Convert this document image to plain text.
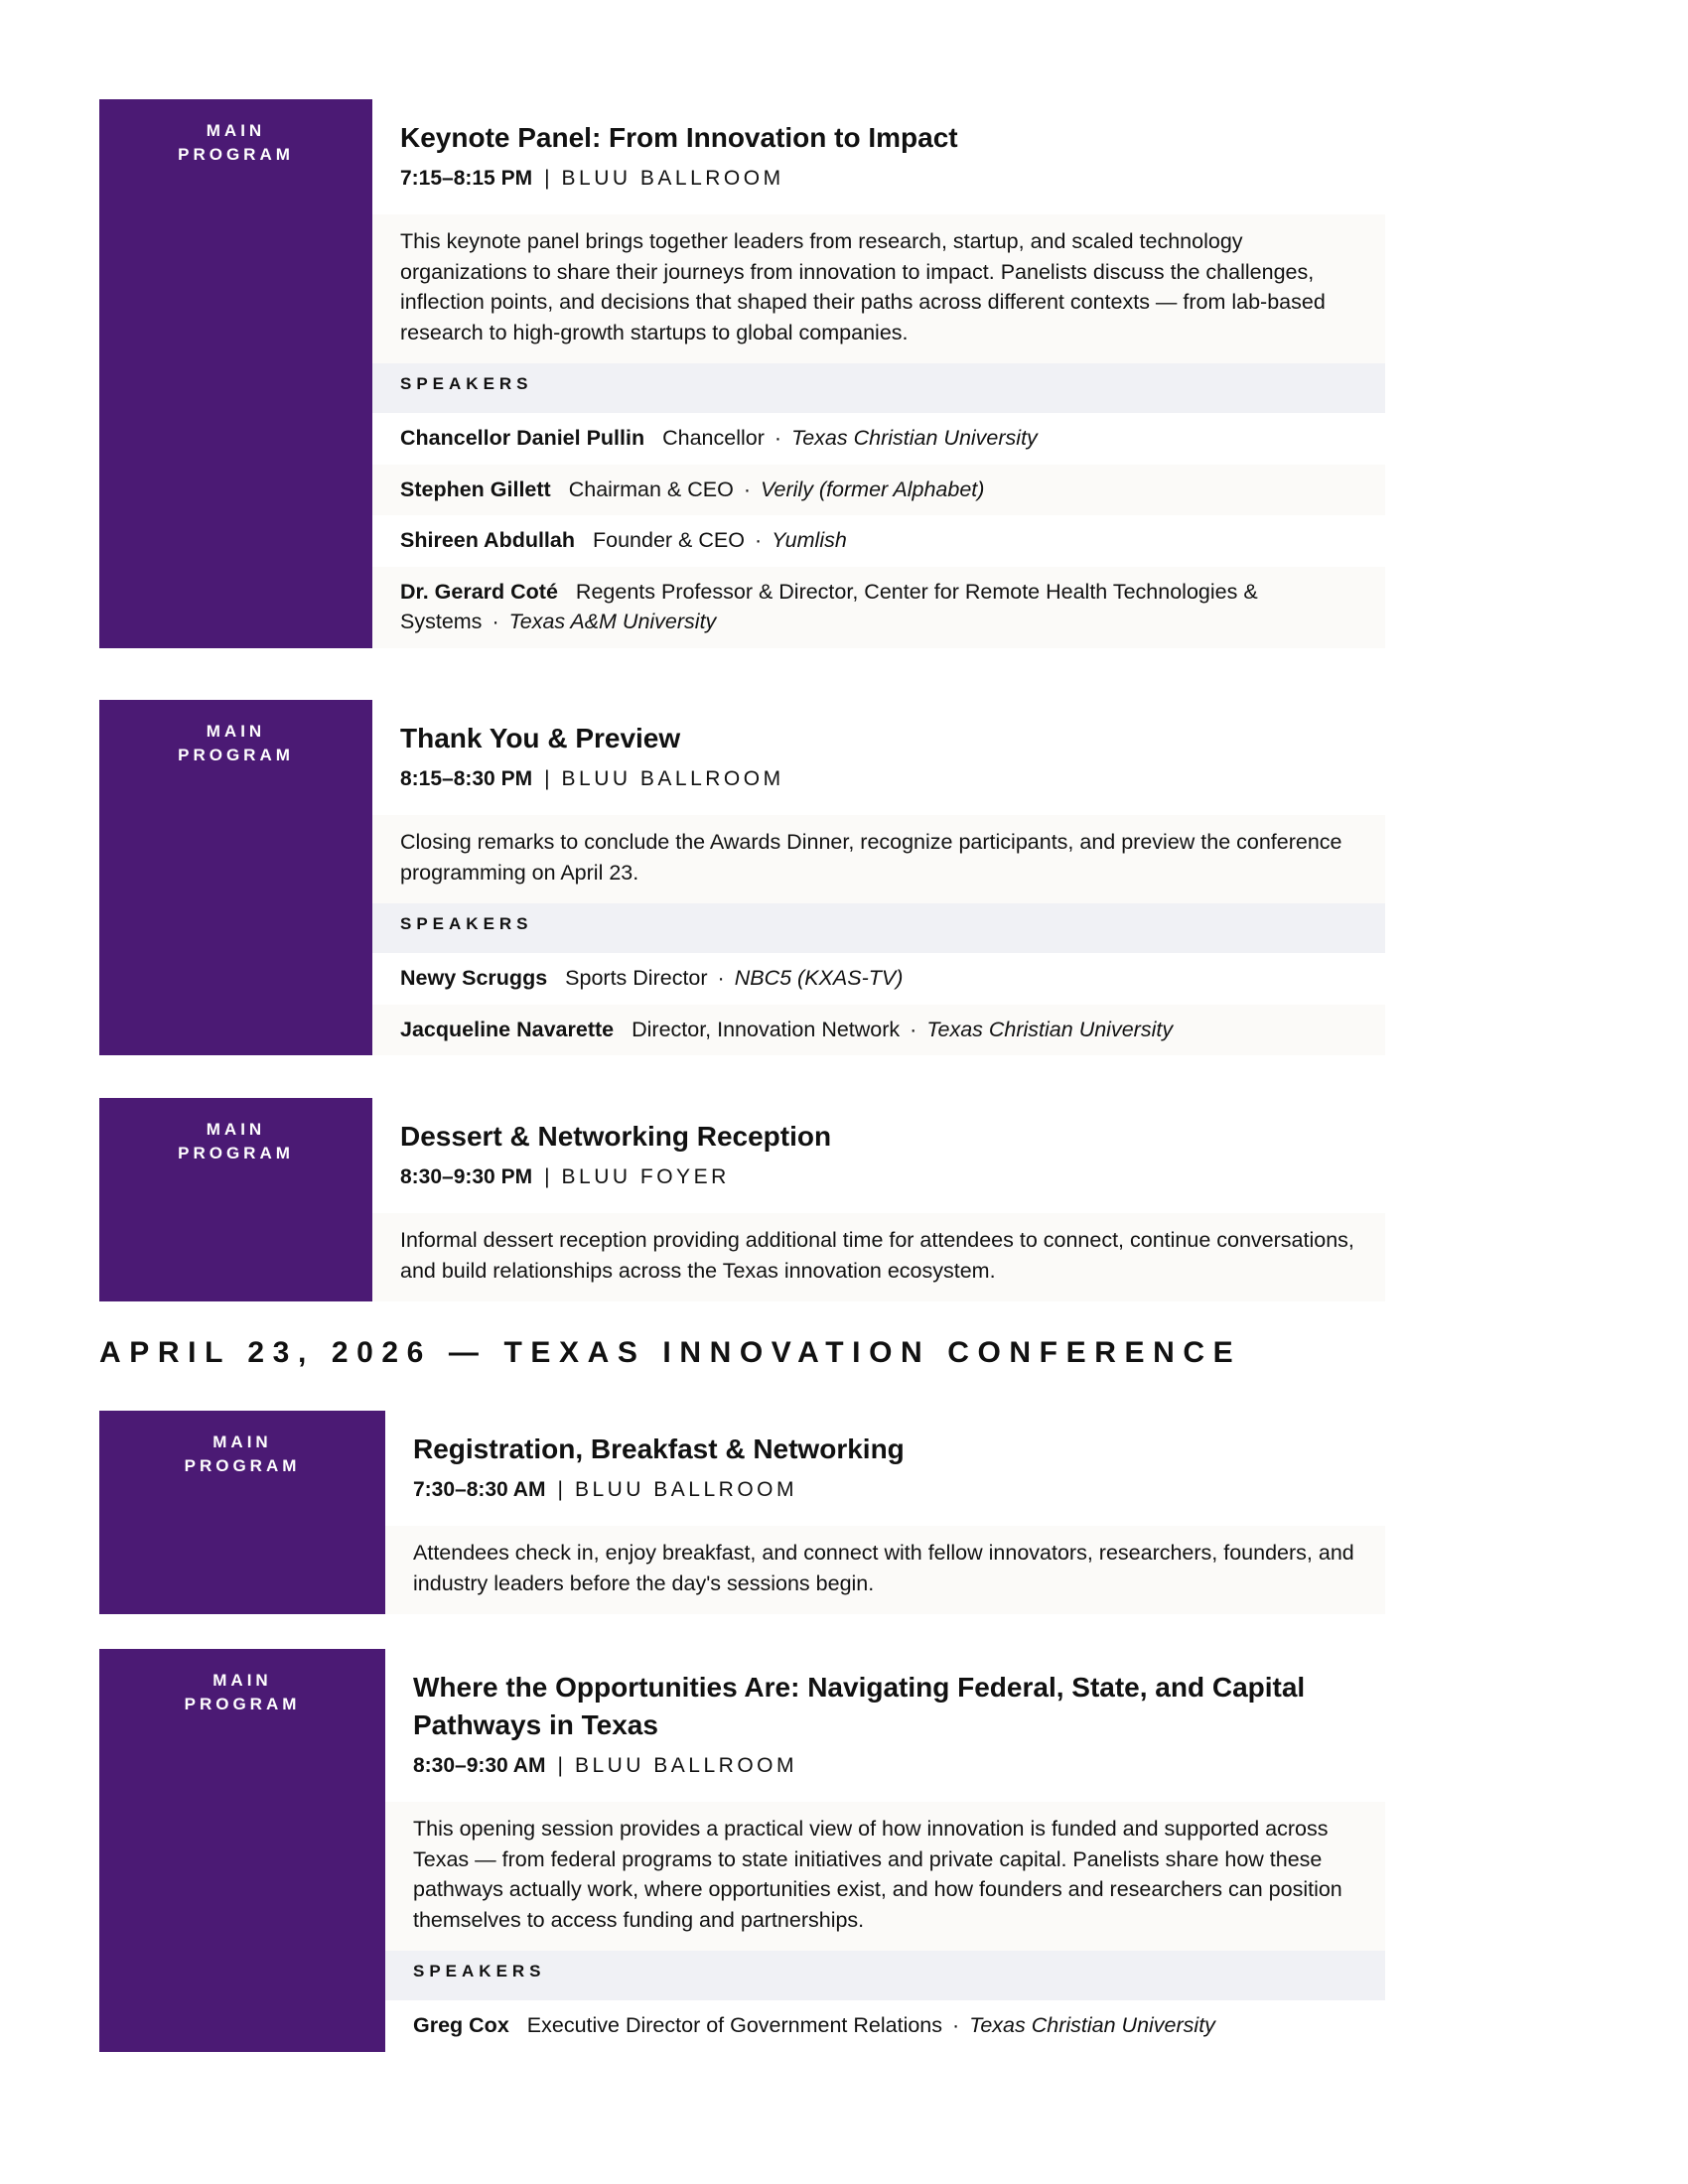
MAIN
PROGRAM
Keynote Panel: From Innovation to Impact
7:15–8:15 PM | BLUU BALLROOM
This keynote panel brings together leaders from research, startup, and scaled technology organizations to share their journeys from innovation to impact. Panelists discuss the challenges, inflection points, and decisions that shaped their paths across different contexts — from lab-based research to high-growth startups to global companies.
SPEAKERS
Chancellor Daniel Pullin Chancellor · Texas Christian University
Stephen Gillett Chairman & CEO · Verily (former Alphabet)
Shireen Abdullah Founder & CEO · Yumlish
Dr. Gerard Coté Regents Professor & Director, Center for Remote Health Technologies & Systems · Texas A&M University
MAIN
PROGRAM
Thank You & Preview
8:15–8:30 PM | BLUU BALLROOM
Closing remarks to conclude the Awards Dinner, recognize participants, and preview the conference programming on April 23.
SPEAKERS
Newy Scruggs Sports Director · NBC5 (KXAS-TV)
Jacqueline Navarette Director, Innovation Network · Texas Christian University
MAIN
PROGRAM
Dessert & Networking Reception
8:30–9:30 PM | BLUU FOYER
Informal dessert reception providing additional time for attendees to connect, continue conversations, and build relationships across the Texas innovation ecosystem.
APRIL 23, 2026 — TEXAS INNOVATION CONFERENCE
MAIN
PROGRAM
Registration, Breakfast & Networking
7:30–8:30 AM | BLUU BALLROOM
Attendees check in, enjoy breakfast, and connect with fellow innovators, researchers, founders, and industry leaders before the day's sessions begin.
MAIN
PROGRAM
Where the Opportunities Are: Navigating Federal, State, and Capital Pathways in Texas
8:30–9:30 AM | BLUU BALLROOM
This opening session provides a practical view of how innovation is funded and supported across Texas — from federal programs to state initiatives and private capital. Panelists share how these pathways actually work, where opportunities exist, and how founders and researchers can position themselves to access funding and partnerships.
SPEAKERS
Greg Cox Executive Director of Government Relations · Texas Christian University
